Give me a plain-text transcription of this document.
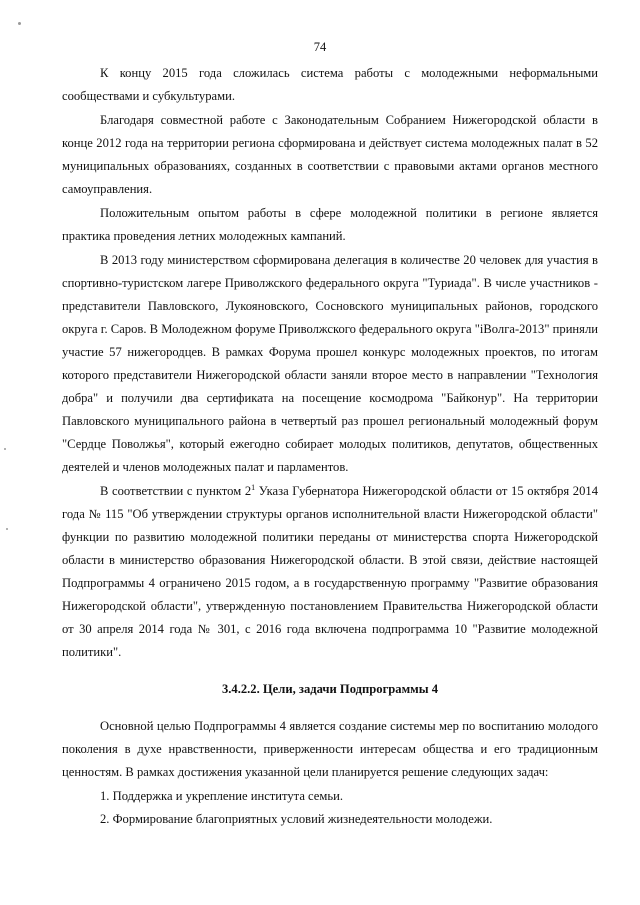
74

К концу 2015 года сложилась система работы с молодежными неформальными сообществами и субкультурами.

Благодаря совместной работе с Законодательным Собранием Нижегородской области в конце 2012 года на территории региона сформирована и действует система молодежных палат в 52 муниципальных образованиях, созданных в соответствии с правовыми актами органов местного самоуправления.

Положительным опытом работы в сфере молодежной политики в регионе является практика проведения летних молодежных кампаний.

В 2013 году министерством сформирована делегация в количестве 20 человек для участия в спортивно-туристском лагере Приволжского федерального округа "Туриада". В числе участников - представители Павловского, Лукояновского, Сосновского муниципальных районов, городского округа г. Саров. В Молодежном форуме Приволжского федерального округа "iВолга-2013" приняли участие 57 нижегородцев. В рамках Форума прошел конкурс молодежных проектов, по итогам которого представители Нижегородской области заняли второе место в направлении "Технология добра" и получили два сертификата на посещение космодрома "Байконур". На территории Павловского муниципального района в четвертый раз прошел региональный молодежный форум "Сердце Поволжья", который ежегодно собирает молодых политиков, депутатов, общественных деятелей и членов молодежных палат и парламентов.

В соответствии с пунктом $2^1$ Указа Губернатора Нижегородской области от 15 октября 2014 года № 115 "Об утверждении структуры органов исполнительной власти Нижегородской области" функции по развитию молодежной политики переданы от министерства спорта Нижегородской области в министерство образования Нижегородской области. В этой связи, действие настоящей Подпрограммы 4 ограничено 2015 годом, а в государственную программу "Развитие образования Нижегородской области", утвержденную постановлением Правительства Нижегородской области от 30 апреля 2014 года № 301, с 2016 года включена подпрограмма 10 "Развитие молодежной политики".

3.4.2.2. Цели, задачи Подпрограммы 4

Основной целью Подпрограммы 4 является создание системы мер по воспитанию молодого поколения в духе нравственности, приверженности интересам общества и его традиционным ценностям. В рамках достижения указанной цели планируется решение следующих задач:

1. Поддержка и укрепление института семьи.

2. Формирование благоприятных условий жизнедеятельности молодежи.
